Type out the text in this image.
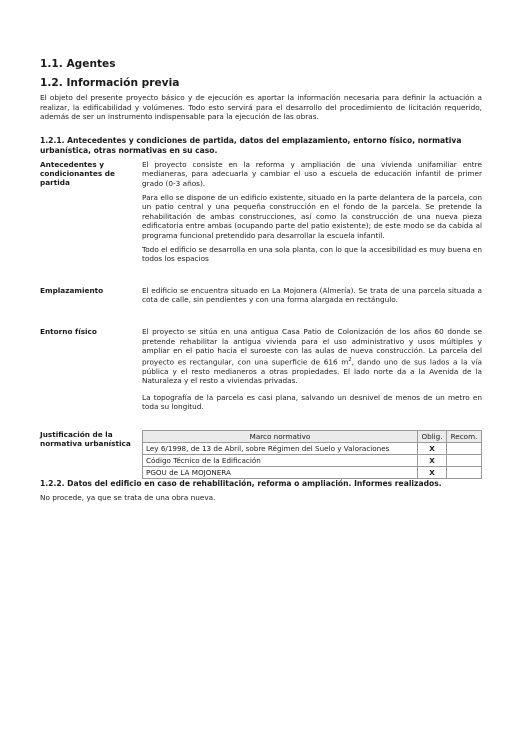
1.1. Agentes
1.2. Información previa

El objeto del presente proyecto básico y de ejecución es aportar la información necesaria para definir la actuación a realizar, la edificabilidad y volúmenes. Todo esto servirá para el desarrollo del procedimiento de licitación requerido, además de ser un instrumento indispensable para la ejecución de las obras.

1.2.1. Antecedentes y condiciones de partida, datos del emplazamiento, entorno físico, normativa urbanística, otras normativas en su caso.
Antecedentes y condicionantes de partida

El proyecto consiste en la reforma y ampliación de una vivienda unifamiliar entre medianeras, para adecuarla y cambiar el uso a escuela de educación infantil de primer grado (0-3 años).

Para ello se dispone de un edificio existente, situado en la parte delantera de la parcela, con un patio central y una pequeña construcción en el fondo de la parcela. Se pretende la rehabilitación de ambas construcciones, así como la construcción de una nueva pieza edificatoria entre ambas (ocupando parte del patio existente); de este modo se da cabida al programa funcional pretendido para desarrollar la escuela infantil.

Todo el edificio se desarrolla en una sola planta, con lo que la accesibilidad es muy buena en todos los espacios

Emplazamiento	El edificio se encuentra situado en La Mojonera (Almería). Se trata de una parcela situada a cota de calle, sin pendientes y con una forma alargada en rectángulo.

Entorno físico	El proyecto se sitúa en una antigua Casa Patio de Colonización de los años 60 donde se pretende rehabilitar la antigua vivienda para el uso administrativo y usos múltiples y ampliar en el patio hacia el suroeste con las aulas de nueva construcción. La parcela del proyecto es rectangular, con una superficie de 616 $m^2$, dando uno de sus lados a la vía pública y el resto medianeros a otras propiedades. El lado norte da a la Avenida de la Naturaleza y el resto a viviendas privadas.

La topografía de la parcela es casi plana, salvando un desnivel de menos de un metro en toda su longitud.

Justificación de la normativa urbanística
Marco normativo	Oblig.	Recom.
Ley 6/1998, de 13 de Abril, sobre Régimen del Suelo y Valoraciones	X	
Código Técnico de la Edificación	X	
PGOU de LA MOJONERA	X	
1.2.2. Datos del edificio en caso de rehabilitación, reforma o ampliación. Informes realizados.

No procede, ya que se trata de una obra nueva.
